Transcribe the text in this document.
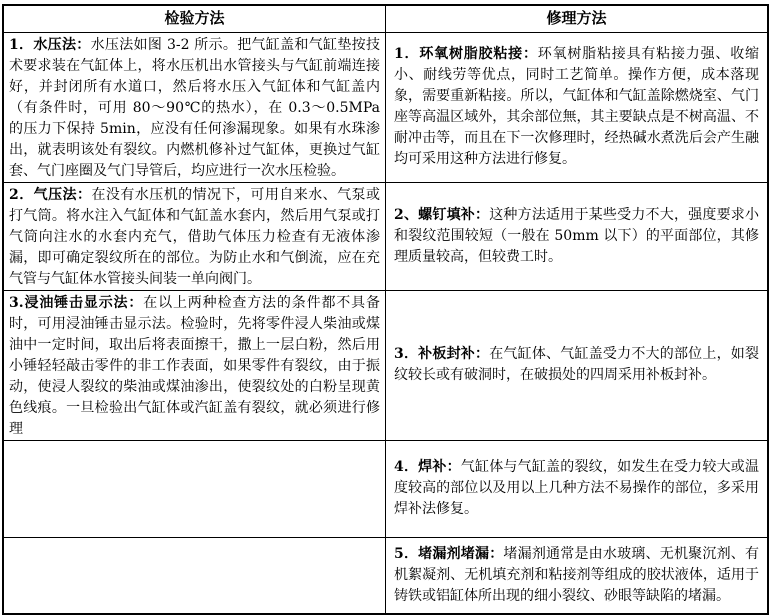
检验方法	修理方法
1．水压法：水压法如图 3-2 所示。把气缸盖和气缸垫按技术要求装在气缸体上，将水压机出水管接头与气缸前端连接好，并封闭所有水道口，然后将水压入气缸体和气缸盖内（有条件时，可用 80～90℃的热水），在 0.3～0.5MPa 的压力下保持 5min，应没有任何渗漏现象。如果有水珠渗出，就表明该处有裂纹。内燃机修补过气缸体，更换过气缸套、气门座圈及气门导管后，均应进行一次水压检验。	1．环氧树脂胶粘接：环氧树脂粘接具有粘接力强、收缩小、耐线劳等优点，同时工艺简单。操作方便，成本落现象，需要重新粘接。所以，气缸体和气缸盖除燃烧室、气门座等高温区域外，其余部位無，其主要缺点是不树高温、不耐冲击等，而且在下一次修理时，经热碱水煮洗后会产生融均可采用这种方法进行修复。
2．气压法：在没有水压机的情况下，可用自来水、气泵或打气筒。将水注入气缸体和气缸盖水套内，然后用气泵或打气筒向注水的水套内充气，借助气体压力检查有无液体渗漏，即可确定裂纹所在的部位。为防止水和气倒流，应在充气管与气缸体水管接头间装一单向阀门。	2、螺钉填补：这种方法适用于某些受力不大，强度要求小和裂纹范围较短（一般在 50mm 以下）的平面部位，其修理质量较高，但较费工时。
3.浸油锤击显示法：在以上两种检查方法的条件都不具备时，可用浸油锤击显示法。检验时，先将零件浸人柴油或煤油中一定时间，取出后将表面擦干，撒上一层白粉，然后用小锤轻轻敲击零件的非工作表面，如果零件有裂纹，由于振动，使浸人裂纹的柴油或煤油渗出，使裂纹处的白粉呈现黄色线痕。一旦检验出气缸体或汽缸盖有裂纹，就必须进行修理	3．补板封补：在气缸体、气缸盖受力不大的部位上，如裂纹较长或有破洞时，在破损处的四周采用补板封补。
	4．焊补：气缸体与气缸盖的裂纹，如发生在受力较大或温度较高的部位以及用以上几种方法不易操作的部位，多采用焊补法修复。
	5．堵漏剂堵漏：堵漏剂通常是由水玻璃、无机聚沉剂、有机絮凝剂、无机填充剂和粘接剂等组成的胶状液体，适用于铸铁或铝缸体所出现的细小裂纹、砂眼等缺陷的堵漏。
